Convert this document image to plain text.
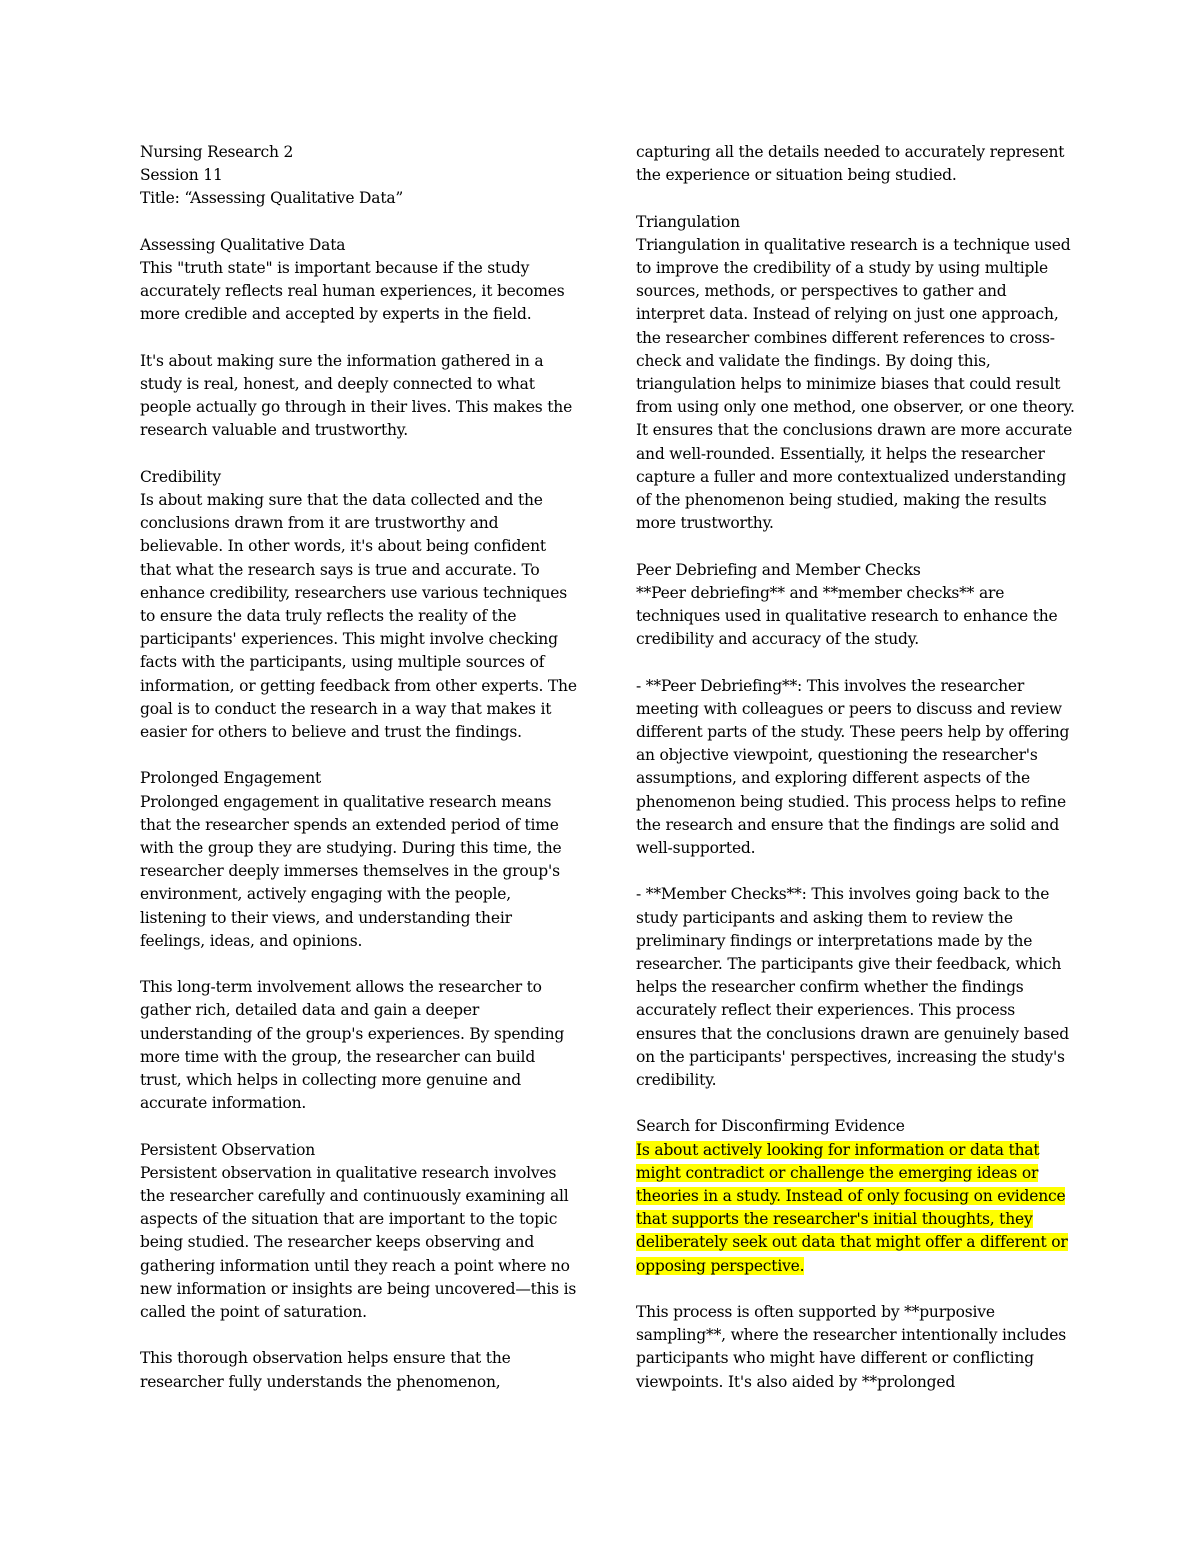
Nursing Research 2
Session 11

Title: “Assessing Qualitative Data”

Assessing Qualitative Data

This "truth state" is important because if the study accurately reflects real human experiences, it becomes more credible and accepted by experts in the field.

It's about making sure the information gathered in a study is real, honest, and deeply connected to what people actually go through in their lives. This makes the research valuable and trustworthy.

Credibility

Is about making sure that the data collected and the conclusions drawn from it are trustworthy and believable. In other words, it's about being confident that what the research says is true and accurate. To enhance credibility, researchers use various techniques to ensure the data truly reflects the reality of the participants' experiences. This might involve checking facts with the participants, using multiple sources of information, or getting feedback from other experts. The goal is to conduct the research in a way that makes it easier for others to believe and trust the findings.

Prolonged Engagement

Prolonged engagement in qualitative research means that the researcher spends an extended period of time with the group they are studying. During this time, the researcher deeply immerses themselves in the group's environment, actively engaging with the people, listening to their views, and understanding their feelings, ideas, and opinions.

This long-term involvement allows the researcher to gather rich, detailed data and gain a deeper understanding of the group's experiences. By spending more time with the group, the researcher can build trust, which helps in collecting more genuine and accurate information.

Persistent Observation

Persistent observation in qualitative research involves the researcher carefully and continuously examining all aspects of the situation that are important to the topic being studied. The researcher keeps observing and gathering information until they reach a point where no new information or insights are being uncovered—this is called the point of saturation.

This thorough observation helps ensure that the researcher fully understands the phenomenon,

capturing all the details needed to accurately represent the experience or situation being studied.

Triangulation

Triangulation in qualitative research is a technique used to improve the credibility of a study by using multiple sources, methods, or perspectives to gather and interpret data. Instead of relying on just one approach, the researcher combines different references to cross-check and validate the findings. By doing this, triangulation helps to minimize biases that could result from using only one method, one observer, or one theory. It ensures that the conclusions drawn are more accurate and well-rounded. Essentially, it helps the researcher capture a fuller and more contextualized understanding of the phenomenon being studied, making the results more trustworthy.

Peer Debriefing and Member Checks

**Peer debriefing** and **member checks** are techniques used in qualitative research to enhance the credibility and accuracy of the study.

- **Peer Debriefing**: This involves the researcher meeting with colleagues or peers to discuss and review different parts of the study. These peers help by offering an objective viewpoint, questioning the researcher's assumptions, and exploring different aspects of the phenomenon being studied. This process helps to refine the research and ensure that the findings are solid and well-supported.

- **Member Checks**: This involves going back to the study participants and asking them to review the preliminary findings or interpretations made by the researcher. The participants give their feedback, which helps the researcher confirm whether the findings accurately reflect their experiences. This process ensures that the conclusions drawn are genuinely based on the participants' perspectives, increasing the study's credibility.

Search for Disconfirming Evidence

Is about actively looking for information or data that might contradict or challenge the emerging ideas or theories in a study. Instead of only focusing on evidence that supports the researcher's initial thoughts, they deliberately seek out data that might offer a different or opposing perspective.

This process is often supported by **purposive sampling**, where the researcher intentionally includes participants who might have different or conflicting viewpoints. It's also aided by **prolonged
